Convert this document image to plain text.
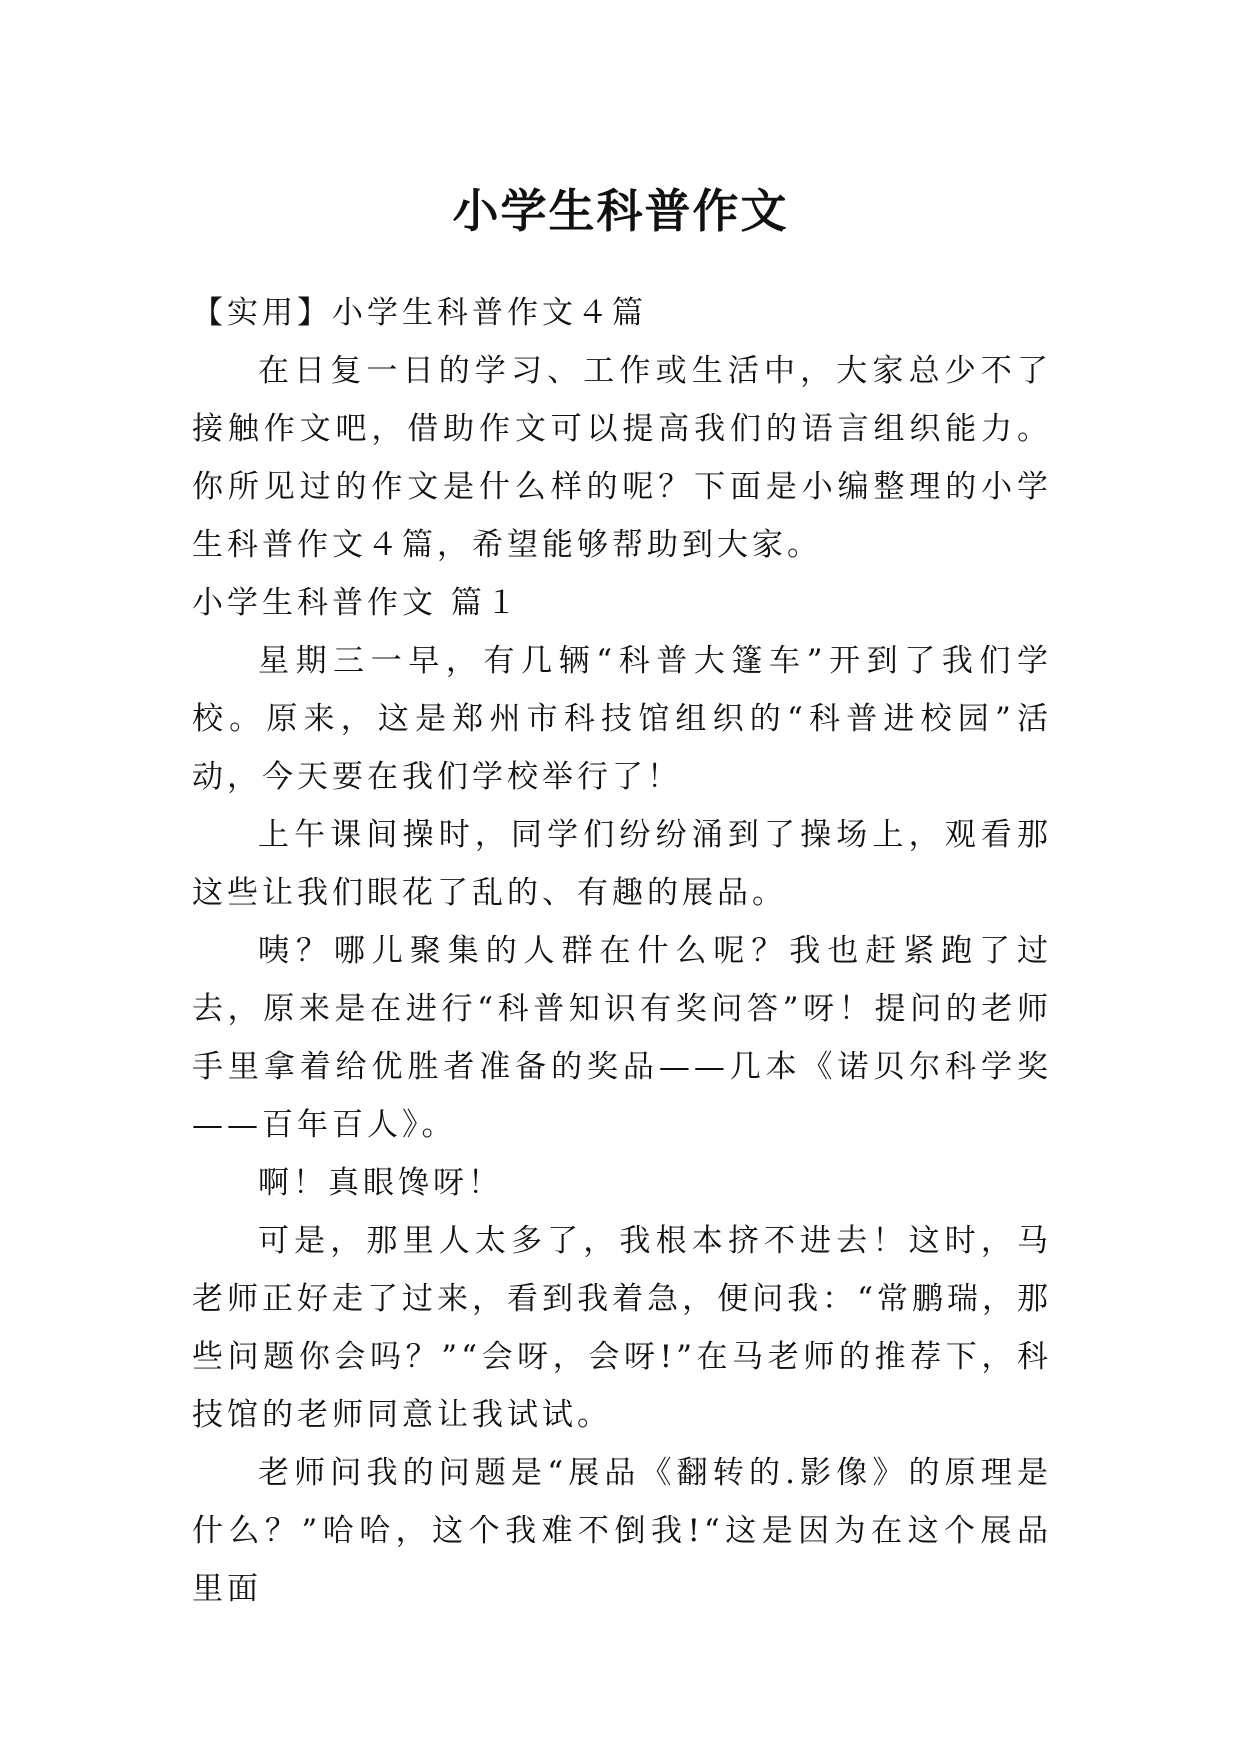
小学生科普作文

【实用】小学生科普作文４篇

在日复一日的学习、工作或生活中，大家总少不了接触作文吧，借助作文可以提高我们的语言组织能力。你所见过的作文是什么样的呢？下面是小编整理的小学生科普作文４篇，希望能够帮助到大家。

小学生科普作文 篇１

星期三一早，有几辆“科普大篷车”开到了我们学校。原来，这是郑州市科技馆组织的“科普进校园”活动，今天要在我们学校举行了！

上午课间操时，同学们纷纷涌到了操场上，观看那这些让我们眼花了乱的、有趣的展品。

咦？哪儿聚集的人群在什么呢？我也赶紧跑了过去，原来是在进行“科普知识有奖问答”呀！提问的老师手里拿着给优胜者准备的奖品——几本《诺贝尔科学奖——百年百人》。

啊！真眼馋呀！

可是，那里人太多了，我根本挤不进去！这时，马老师正好走了过来，看到我着急，便问我：“常鹏瑞，那些问题你会吗？”“会呀，会呀!”在马老师的推荐下，科技馆的老师同意让我试试。

老师问我的问题是“展品《翻转的.影像》的原理是什么？”哈哈，这个我难不倒我!“这是因为在这个展品里面
